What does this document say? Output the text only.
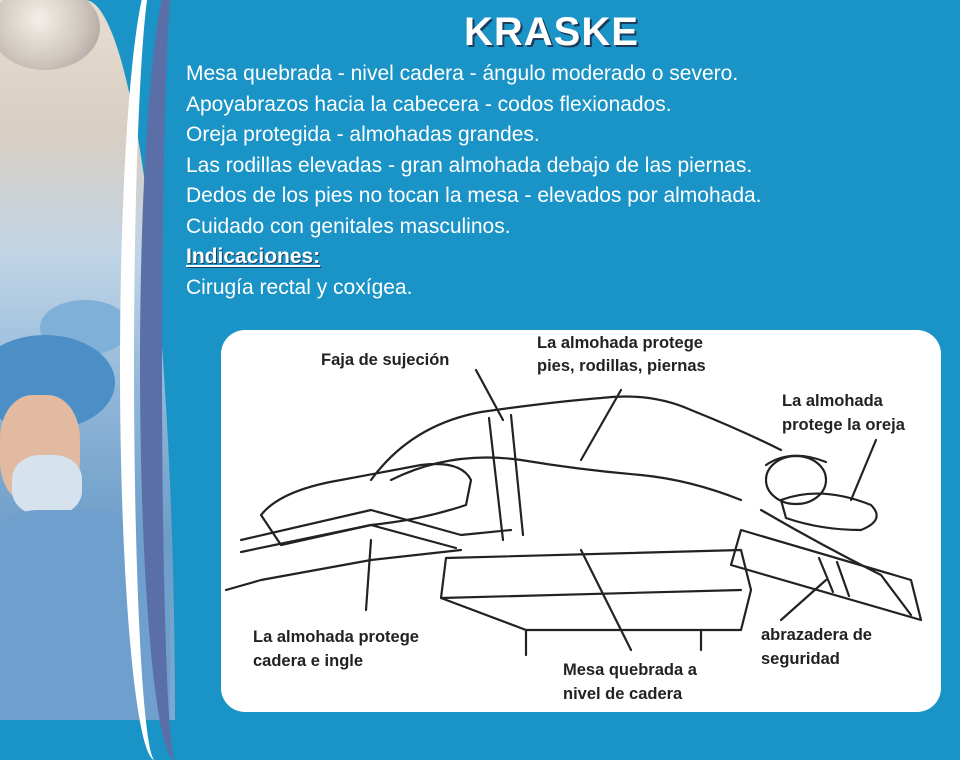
KRASKE
Mesa quebrada - nivel cadera - ángulo moderado o severo.
Apoyabrazos hacia la cabecera - codos flexionados.
Oreja protegida - almohadas grandes.
Las rodillas elevadas - gran almohada debajo de las piernas.
Dedos de los pies no tocan la mesa - elevados por almohada.
Cuidado con genitales masculinos.
Indicaciones:
Cirugía rectal y coxígea.
Faja de sujeción
La almohada protege
pies, rodillas, piernas
La almohada
protege la oreja
La almohada protege
cadera e ingle
abrazadera de
seguridad
Mesa quebrada a
nivel de cadera
